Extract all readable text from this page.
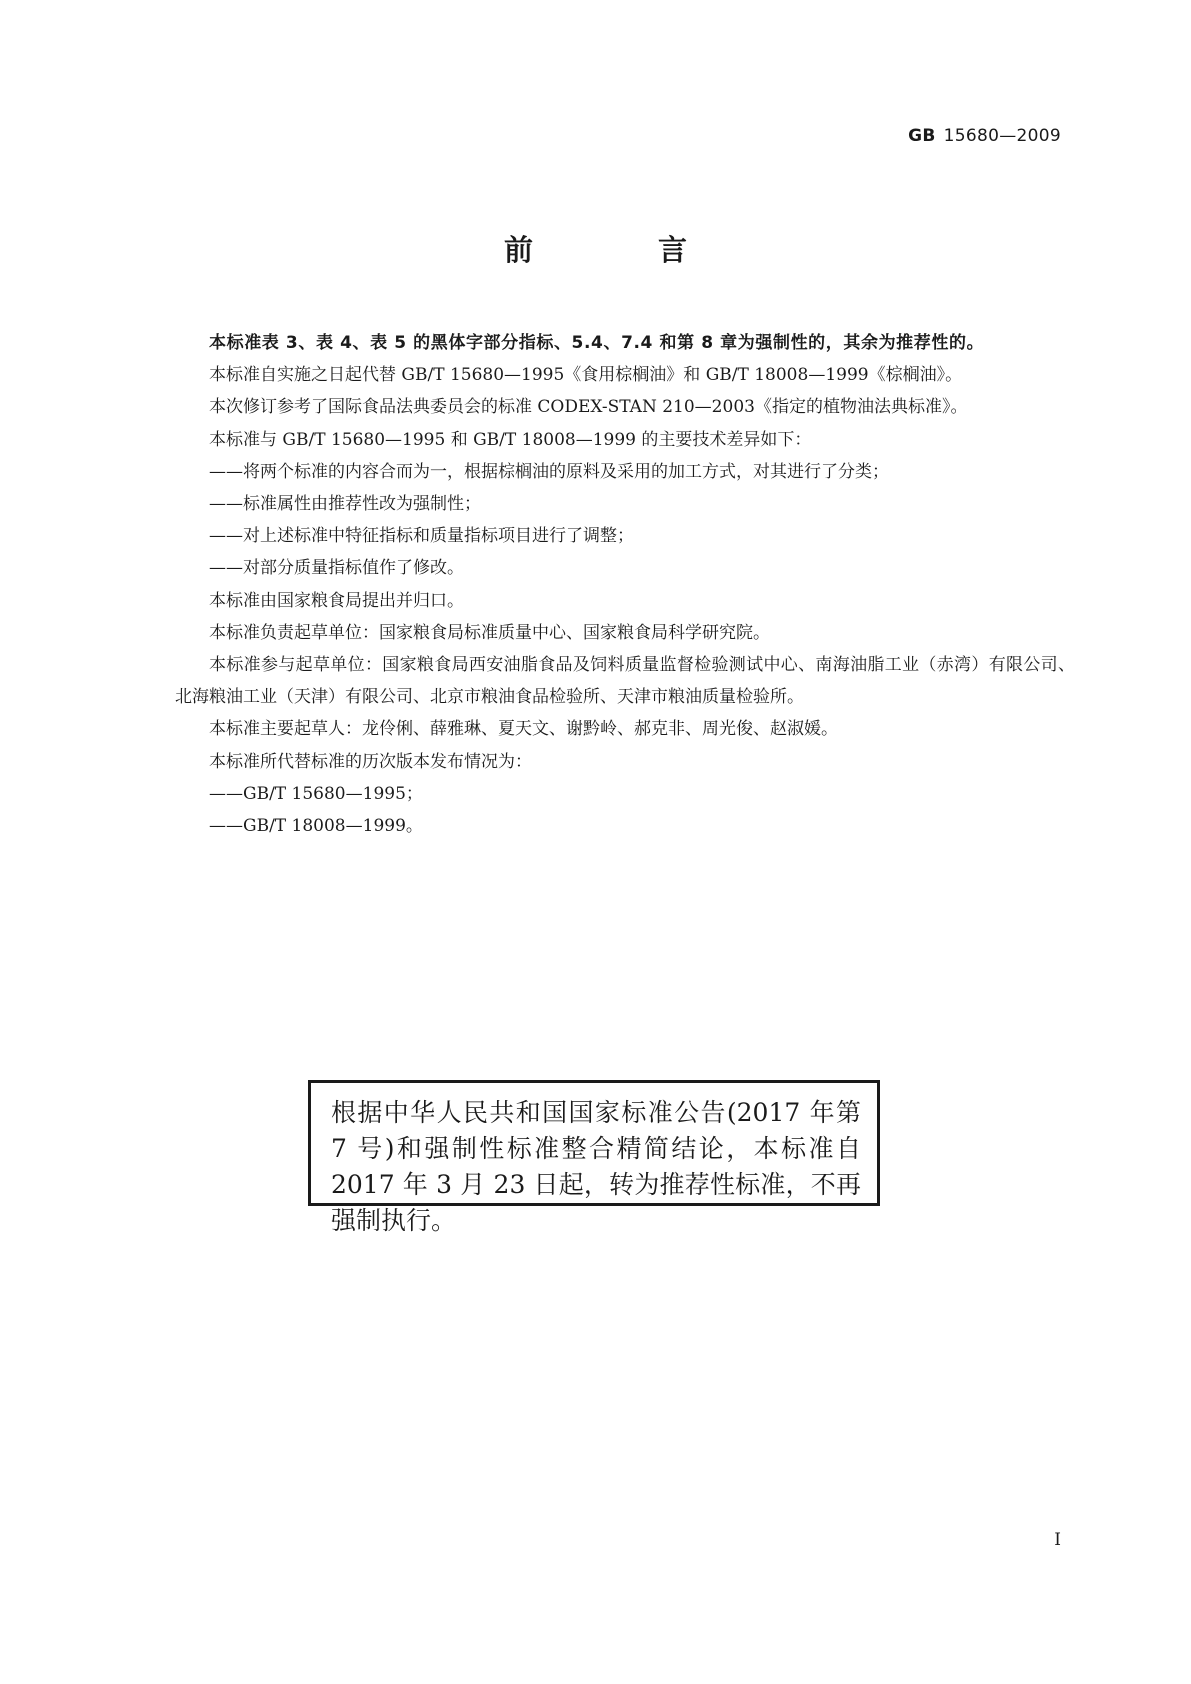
GB 15680—2009
前　言

本标准表 3、表 4、表 5 的黑体字部分指标、5.4、7.4 和第 8 章为强制性的，其余为推荐性的。

本标准自实施之日起代替 GB/T 15680—1995《食用棕榈油》和 GB/T 18008—1999《棕榈油》。

本次修订参考了国际食品法典委员会的标准 CODEX-STAN 210—2003《指定的植物油法典标准》。

本标准与 GB/T 15680—1995 和 GB/T 18008—1999 的主要技术差异如下：

——将两个标准的内容合而为一，根据棕榈油的原料及采用的加工方式，对其进行了分类；

——标准属性由推荐性改为强制性；

——对上述标准中特征指标和质量指标项目进行了调整；

——对部分质量指标值作了修改。

本标准由国家粮食局提出并归口。

本标准负责起草单位：国家粮食局标准质量中心、国家粮食局科学研究院。

本标准参与起草单位：国家粮食局西安油脂食品及饲料质量监督检验测试中心、南海油脂工业（赤湾）有限公司、北海粮油工业（天津）有限公司、北京市粮油食品检验所、天津市粮油质量检验所。

本标准主要起草人：龙伶俐、薛雅琳、夏天文、谢黔岭、郝克非、周光俊、赵淑媛。

本标准所代替标准的历次版本发布情况为：

——GB/T 15680—1995；

——GB/T 18008—1999。

根据中华人民共和国国家标准公告(2017 年第 7 号)和强制性标准整合精简结论，本标准自 2017 年 3 月 23 日起，转为推荐性标准，不再强制执行。
I
